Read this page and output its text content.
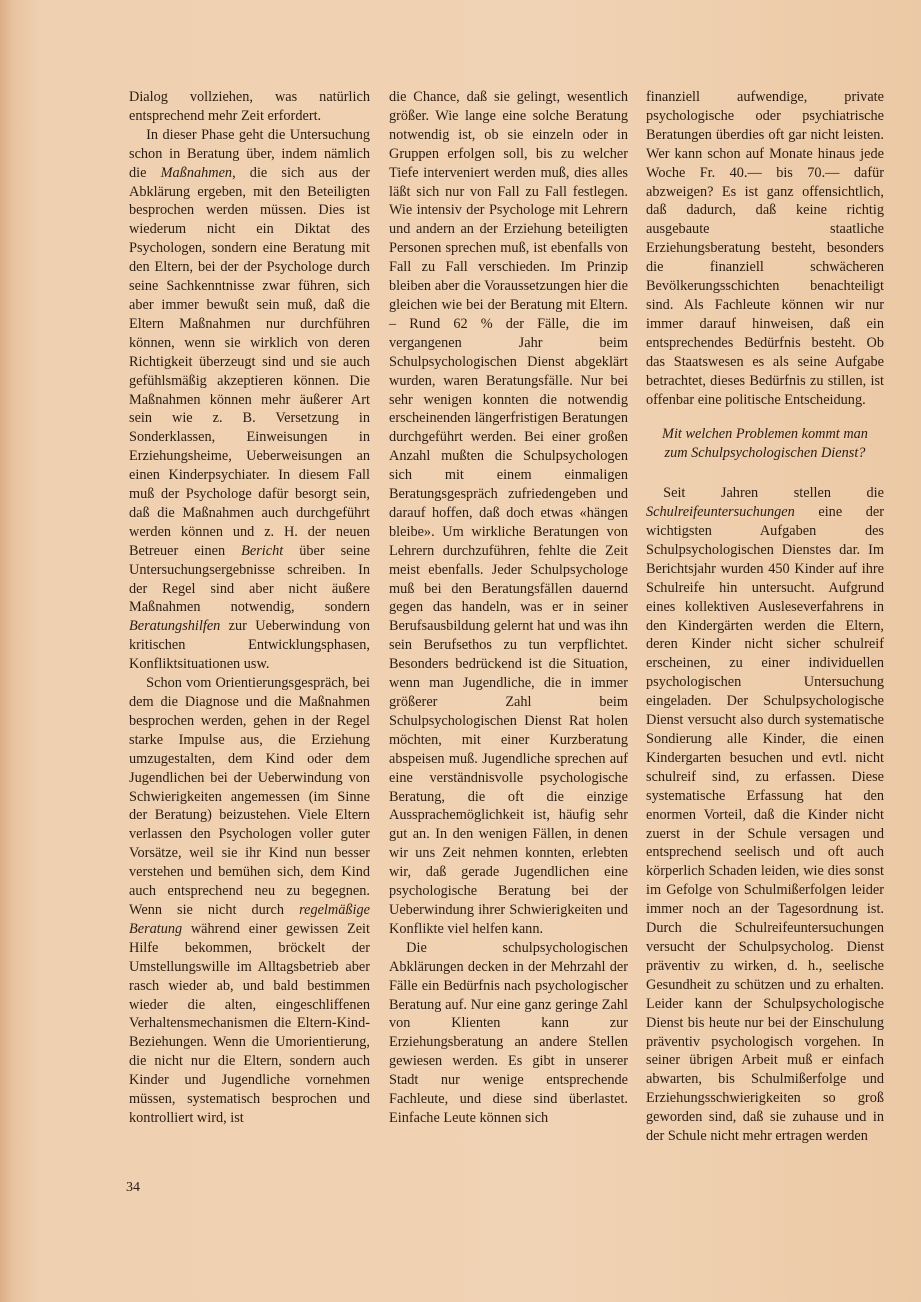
Dialog vollziehen, was natürlich entsprechend mehr Zeit erfordert.

In dieser Phase geht die Untersuchung schon in Beratung über, indem nämlich die Maßnahmen, die sich aus der Abklärung ergeben, mit den Beteiligten besprochen werden müssen. Dies ist wiederum nicht ein Diktat des Psychologen, sondern eine Beratung mit den Eltern, bei der der Psychologe durch seine Sachkenntnisse zwar führen, sich aber immer bewußt sein muß, daß die Eltern Maßnahmen nur durchführen können, wenn sie wirklich von deren Richtigkeit überzeugt sind und sie auch gefühlsmäßig akzeptieren können. Die Maßnahmen können mehr äußerer Art sein wie z. B. Versetzung in Sonderklassen, Einweisungen in Erziehungsheime, Ueberweisungen an einen Kinderpsychiater. In diesem Fall muß der Psychologe dafür besorgt sein, daß die Maßnahmen auch durchgeführt werden können und z. H. der neuen Betreuer einen Bericht über seine Untersuchungsergebnisse schreiben. In der Regel sind aber nicht äußere Maßnahmen notwendig, sondern Beratungshilfen zur Ueberwindung von kritischen Entwicklungsphasen, Konfliktsituationen usw.

Schon vom Orientierungsgespräch, bei dem die Diagnose und die Maßnahmen besprochen werden, gehen in der Regel starke Impulse aus, die Erziehung umzugestalten, dem Kind oder dem Jugendlichen bei der Ueberwindung von Schwierigkeiten angemessen (im Sinne der Beratung) beizustehen. Viele Eltern verlassen den Psychologen voller guter Vorsätze, weil sie ihr Kind nun besser verstehen und bemühen sich, dem Kind auch entsprechend neu zu begegnen. Wenn sie nicht durch regelmäßige Beratung während einer gewissen Zeit Hilfe bekommen, bröckelt der Umstellungswille im Alltagsbetrieb aber rasch wieder ab, und bald bestimmen wieder die alten, eingeschliffenen Verhaltensmechanismen die Eltern-Kind-Beziehungen. Wenn die Umorientierung, die nicht nur die Eltern, sondern auch Kinder und Jugendliche vornehmen müssen, systematisch besprochen und kontrolliert wird, ist

die Chance, daß sie gelingt, wesentlich größer. Wie lange eine solche Beratung notwendig ist, ob sie einzeln oder in Gruppen erfolgen soll, bis zu welcher Tiefe interveniert werden muß, dies alles läßt sich nur von Fall zu Fall festlegen. Wie intensiv der Psychologe mit Lehrern und andern an der Erziehung beteiligten Personen sprechen muß, ist ebenfalls von Fall zu Fall verschieden. Im Prinzip bleiben aber die Voraussetzungen hier die gleichen wie bei der Beratung mit Eltern. – Rund 62 % der Fälle, die im vergangenen Jahr beim Schulpsychologischen Dienst abgeklärt wurden, waren Beratungsfälle. Nur bei sehr wenigen konnten die notwendig erscheinenden längerfristigen Beratungen durchgeführt werden. Bei einer großen Anzahl mußten die Schulpsychologen sich mit einem einmaligen Beratungsgespräch zufriedengeben und darauf hoffen, daß doch etwas «hängen bleibe». Um wirkliche Beratungen von Lehrern durchzuführen, fehlte die Zeit meist ebenfalls. Jeder Schulpsychologe muß bei den Beratungsfällen dauernd gegen das handeln, was er in seiner Berufsausbildung gelernt hat und was ihn sein Berufsethos zu tun verpflichtet. Besonders bedrückend ist die Situation, wenn man Jugendliche, die in immer größerer Zahl beim Schulpsychologischen Dienst Rat holen möchten, mit einer Kurzberatung abspeisen muß. Jugendliche sprechen auf eine verständnisvolle psychologische Beratung, die oft die einzige Aussprachemöglichkeit ist, häufig sehr gut an. In den wenigen Fällen, in denen wir uns Zeit nehmen konnten, erlebten wir, daß gerade Jugendlichen eine psychologische Beratung bei der Ueberwindung ihrer Schwierigkeiten und Konflikte viel helfen kann.

Die schulpsychologischen Abklärungen decken in der Mehrzahl der Fälle ein Bedürfnis nach psychologischer Beratung auf. Nur eine ganz geringe Zahl von Klienten kann zur Erziehungsberatung an andere Stellen gewiesen werden. Es gibt in unserer Stadt nur wenige entsprechende Fachleute, und diese sind überlastet. Einfache Leute können sich

finanziell aufwendige, private psychologische oder psychiatrische Beratungen überdies oft gar nicht leisten. Wer kann schon auf Monate hinaus jede Woche Fr. 40.— bis 70.— dafür abzweigen? Es ist ganz offensichtlich, daß dadurch, daß keine richtig ausgebaute staatliche Erziehungsberatung besteht, besonders die finanziell schwächeren Bevölkerungsschichten benachteiligt sind. Als Fachleute können wir nur immer darauf hinweisen, daß ein entsprechendes Bedürfnis besteht. Ob das Staatswesen es als seine Aufgabe betrachtet, dieses Bedürfnis zu stillen, ist offenbar eine politische Entscheidung.

Mit welchen Problemen kommt man
zum Schulpsychologischen Dienst?

Seit Jahren stellen die Schulreifeuntersuchungen eine der wichtigsten Aufgaben des Schulpsychologischen Dienstes dar. Im Berichtsjahr wurden 450 Kinder auf ihre Schulreife hin untersucht. Aufgrund eines kollektiven Ausleseverfahrens in den Kindergärten werden die Eltern, deren Kinder nicht sicher schulreif erscheinen, zu einer individuellen psychologischen Untersuchung eingeladen. Der Schulpsychologische Dienst versucht also durch systematische Sondierung alle Kinder, die einen Kindergarten besuchen und evtl. nicht schulreif sind, zu erfassen. Diese systematische Erfassung hat den enormen Vorteil, daß die Kinder nicht zuerst in der Schule versagen und entsprechend seelisch und oft auch körperlich Schaden leiden, wie dies sonst im Gefolge von Schulmißerfolgen leider immer noch an der Tagesordnung ist. Durch die Schulreifeuntersuchungen versucht der Schulpsycholog. Dienst präventiv zu wirken, d. h., seelische Gesundheit zu schützen und zu erhalten. Leider kann der Schulpsychologische Dienst bis heute nur bei der Einschulung präventiv psychologisch vorgehen. In seiner übrigen Arbeit muß er einfach abwarten, bis Schulmißerfolge und Erziehungsschwierigkeiten so groß geworden sind, daß sie zuhause und in der Schule nicht mehr ertragen werden

34
